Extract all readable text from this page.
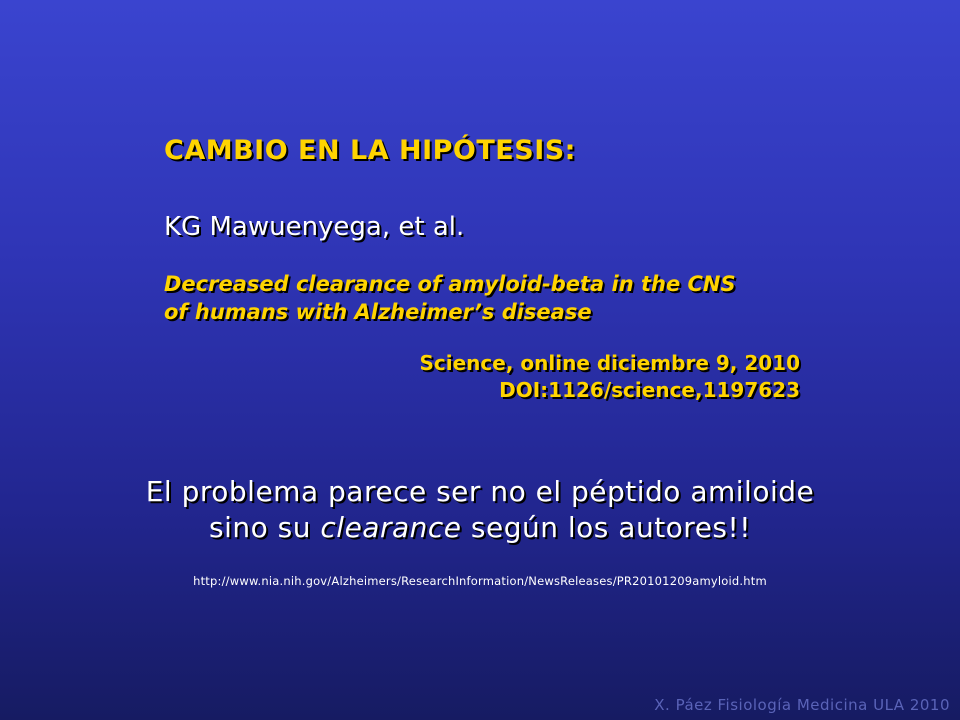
CAMBIO EN LA HIPÓTESIS:
KG Mawuenyega, et al.
Decreased clearance of amyloid-beta in the CNS
of humans with Alzheimer’s disease
Science, online diciembre 9, 2010
DOI:1126/science,1197623
El problema parece ser no el péptido amiloide
sino su clearance según los autores!!
http://www.nia.nih.gov/Alzheimers/ResearchInformation/NewsReleases/PR20101209amyloid.htm
X. Páez Fisiología Medicina ULA 2010
